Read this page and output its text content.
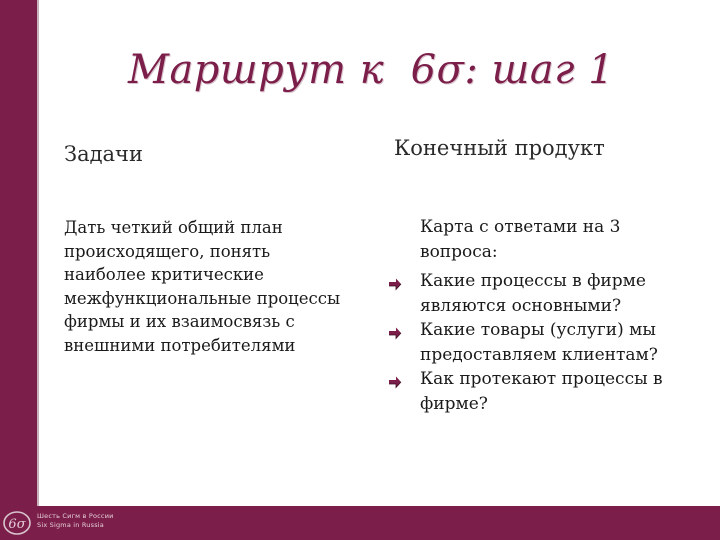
6σ
Шесть Сигм в России
Six Sigma in Russia
Маршрут к 6σ: шаг 1
Задачи	Конечный продукт

Дать четкий общий план
происходящего, понять
наиболее критические
межфункциональные процессы
фирмы и их взаимосвязь с
внешними потребителями

Карта с ответами на 3
вопроса:

Какие процессы в фирме
являются основными?
Какие товары (услуги) мы
предоставляем клиентам?
Как протекают процессы в
фирме?
